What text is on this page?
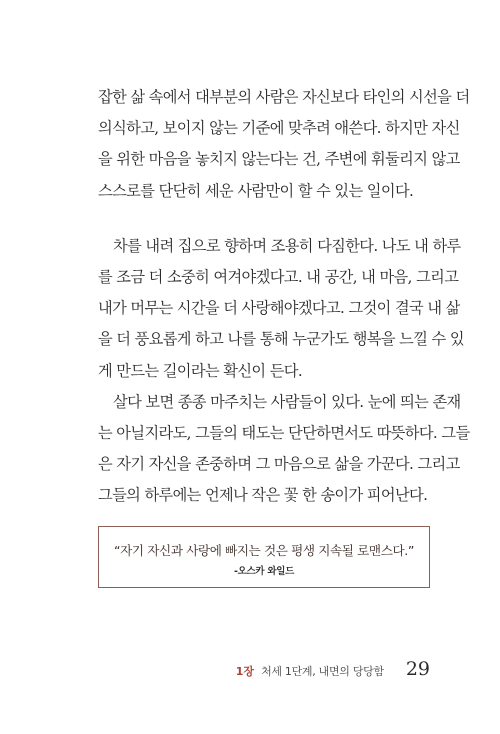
잡한 삶 속에서 대부분의 사람은 자신보다 타인의 시선을 더
의식하고, 보이지 않는 기준에 맞추려 애쓴다. 하지만 자신
을 위한 마음을 놓치지 않는다는 건, 주변에 휘둘리지 않고
스스로를 단단히 세운 사람만이 할 수 있는 일이다.
차를 내려 집으로 향하며 조용히 다짐한다. 나도 내 하루
를 조금 더 소중히 여겨야겠다고. 내 공간, 내 마음, 그리고
내가 머무는 시간을 더 사랑해야겠다고. 그것이 결국 내 삶
을 더 풍요롭게 하고 나를 통해 누군가도 행복을 느낄 수 있
게 만드는 길이라는 확신이 든다.
살다 보면 종종 마주치는 사람들이 있다. 눈에 띄는 존재
는 아닐지라도, 그들의 태도는 단단하면서도 따뜻하다. 그들
은 자기 자신을 존중하며 그 마음으로 삶을 가꾼다. 그리고
그들의 하루에는 언제나 작은 꽃 한 송이가 피어난다.
“자기 자신과 사랑에 빠지는 것은 평생 지속될 로맨스다.”
-오스카 와일드
1장 처세 1단계, 내면의 당당함 29
